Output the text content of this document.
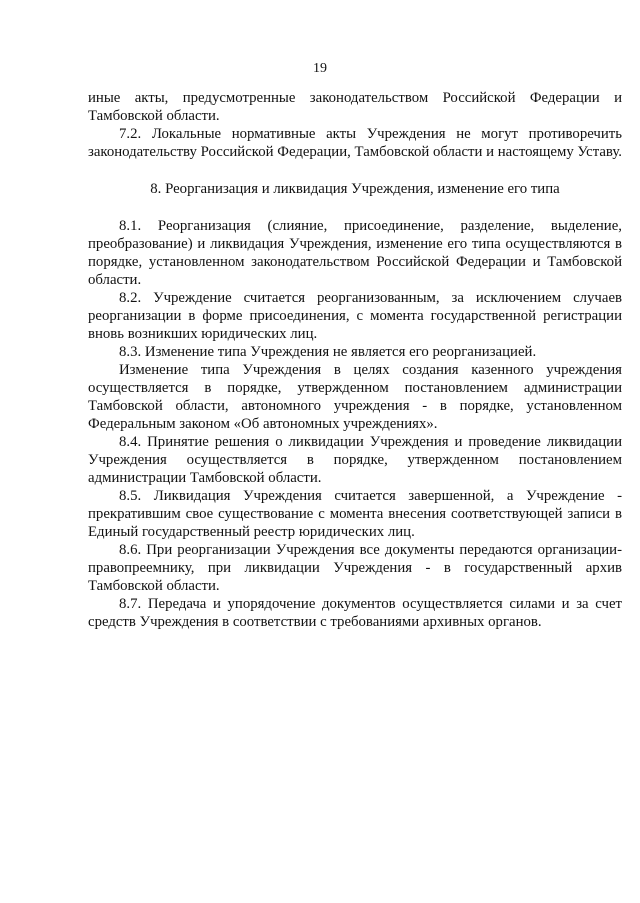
19

иные акты, предусмотренные законодательством Российской Федерации и Тамбовской области.

7.2. Локальные нормативные акты Учреждения не могут противоречить законодательству Российской Федерации, Тамбовской области и настоящему Уставу.

8. Реорганизация и ликвидация Учреждения, изменение его типа

8.1. Реорганизация (слияние, присоединение, разделение, выделение, преобразование) и ликвидация Учреждения, изменение его типа осуществляются в порядке, установленном законодательством Российской Федерации и Тамбовской области.

8.2. Учреждение считается реорганизованным, за исключением случаев реорганизации в форме присоединения, с момента государственной регистрации вновь возникших юридических лиц.

8.3. Изменение типа Учреждения не является его реорганизацией.

Изменение типа Учреждения в целях создания казенного учреждения осуществляется в порядке, утвержденном постановлением администрации Тамбовской области, автономного учреждения - в порядке, установленном Федеральным законом «Об автономных учреждениях».

8.4. Принятие решения о ликвидации Учреждения и проведение ликвидации Учреждения осуществляется в порядке, утвержденном постановлением администрации Тамбовской области.

8.5. Ликвидация Учреждения считается завершенной, а Учреждение - прекратившим свое существование с момента внесения соответствующей записи в Единый государственный реестр юридических лиц.

8.6. При реорганизации Учреждения все документы передаются организации-правопреемнику, при ликвидации Учреждения - в государственный архив Тамбовской области.

8.7. Передача и упорядочение документов осуществляется силами и за счет средств Учреждения в соответствии с требованиями архивных органов.
